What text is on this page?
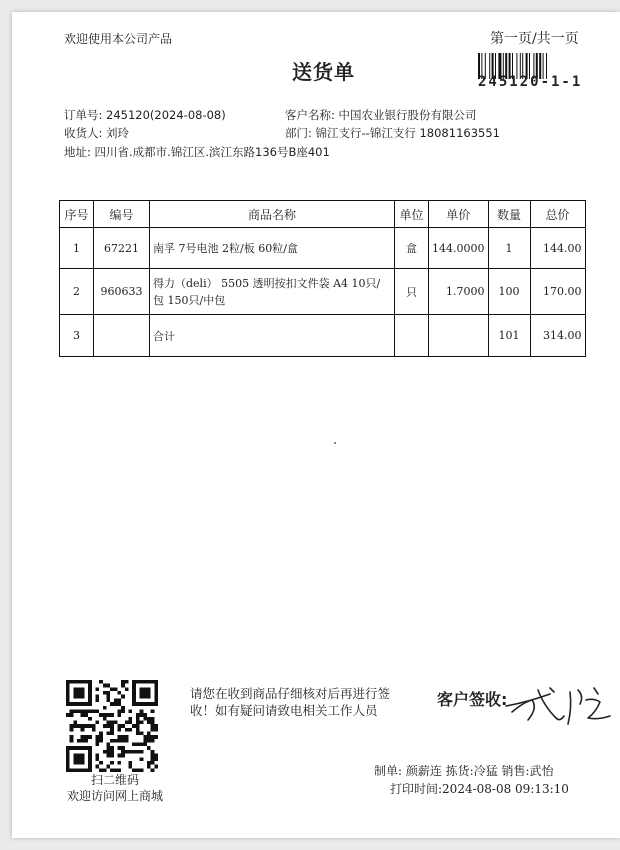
欢迎使用本公司产品	第一页/共一页
送货单	245120-1-1
订单号: 245120(2024-08-08)	客户名称: 中国农业银行股份有限公司
收货人: 刘玲	部门: 锦江支行--锦江支行 18081163551
地址: 四川省.成都市.锦江区.滨江东路136号B座401
序号	编号	商品名称	单位	单价	数量	总价
1	67221	南孚 7号电池 2粒/板 60粒/盒	盒	144.0000	1	144.00
2	960633	得力（deli） 5505 透明按扣文件袋 A4 10只/包 150只/中包	只	1.7000	100	170.00
3		合计			101	314.00
扫二维码
欢迎访问网上商城
请您在收到商品仔细核对后再进行签收！如有疑问请致电相关工作人员
客户签收:
制单: 颜薪连 拣货:冷猛 销售:武怡
打印时间:2024-08-08 09:13:10
